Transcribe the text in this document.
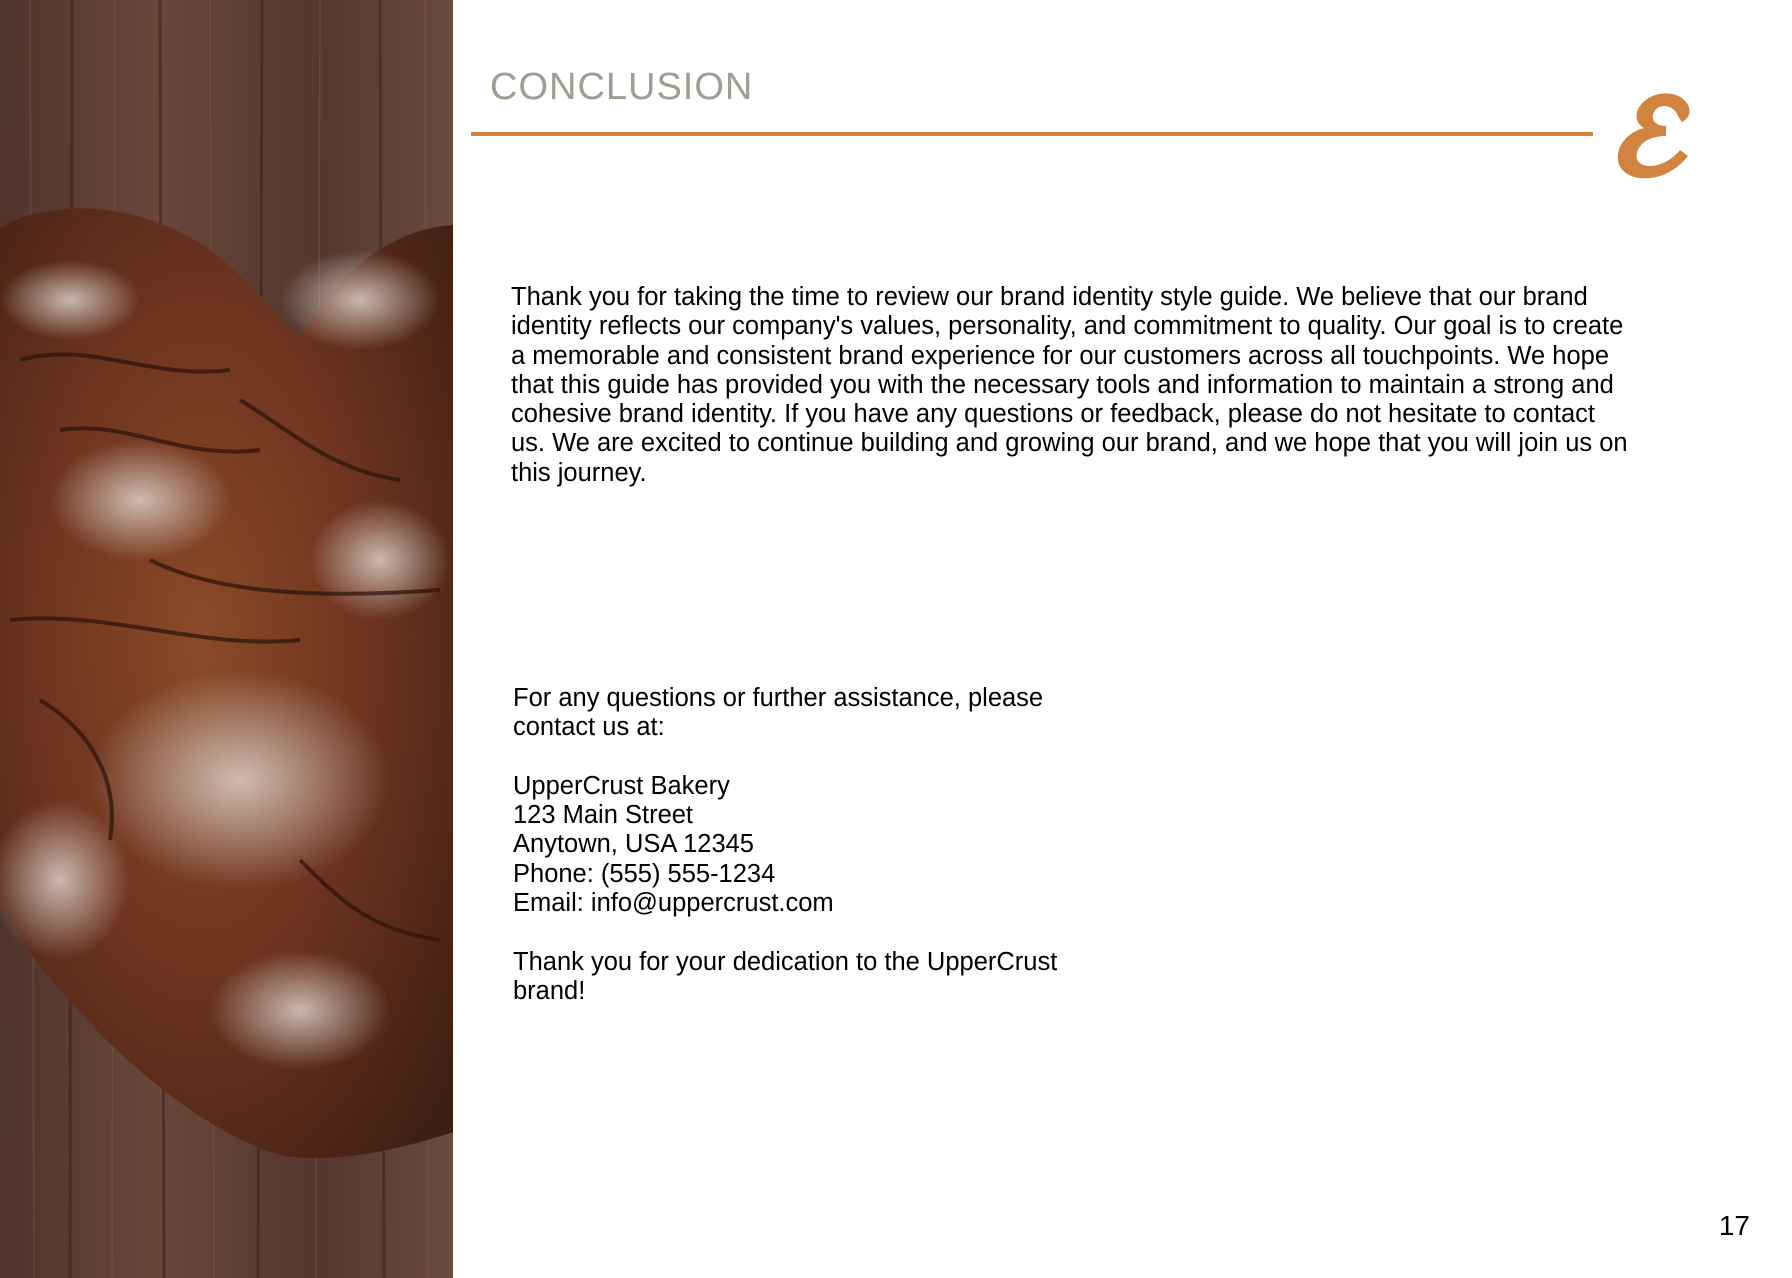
CONCLUSION

Thank you for taking the time to review our brand identity style guide. We believe that our brand identity reflects our company's values, personality, and commitment to quality. Our goal is to create a memorable and consistent brand experience for our customers across all touchpoints. We hope that this guide has provided you with the necessary tools and information to maintain a strong and cohesive brand identity. If you have any questions or feedback, please do not hesitate to contact us. We are excited to continue building and growing our brand, and we hope that you will join us on this journey.

For any questions or further assistance, please
contact us at:
UpperCrust Bakery
123 Main Street
Anytown, USA 12345
Phone: (555) 555-1234
Email: info@uppercrust.com
Thank you for your dedication to the UpperCrust
brand!
17
